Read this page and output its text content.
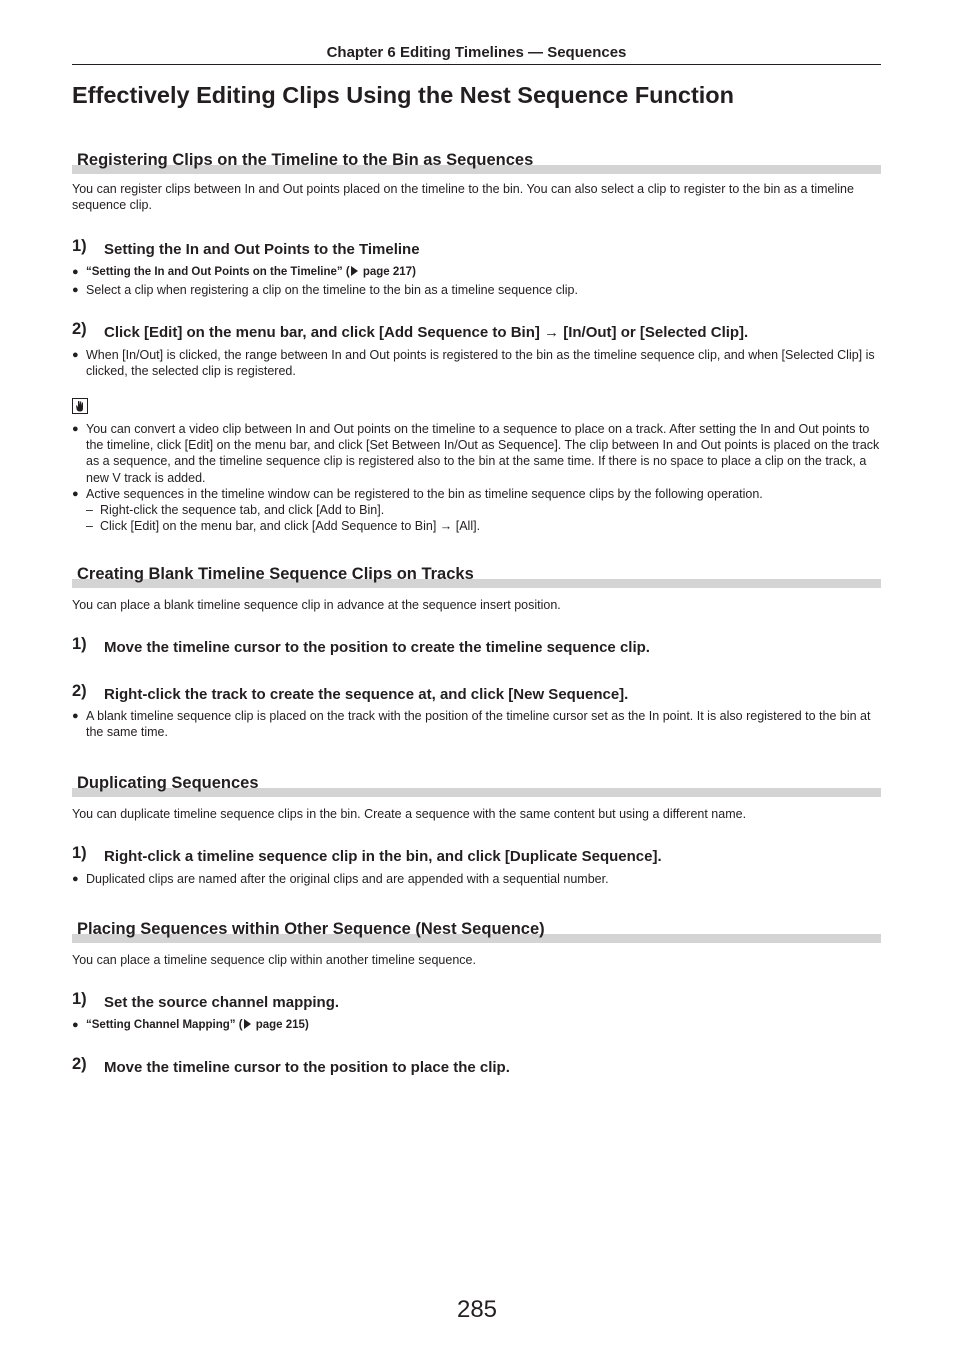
Chapter 6 Editing Timelines — Sequences
Effectively Editing Clips Using the Nest Sequence Function
Registering Clips on the Timeline to the Bin as Sequences
You can register clips between In and Out points placed on the timeline to the bin. You can also select a clip to register to the bin as a timeline sequence clip.
1) Setting the In and Out Points to the Timeline
● “Setting the In and Out Points on the Timeline” ( page 217)
● Select a clip when registering a clip on the timeline to the bin as a timeline sequence clip.
2) Click [Edit] on the menu bar, and click [Add Sequence to Bin] → [In/Out] or [Selected Clip].
● When [In/Out] is clicked, the range between In and Out points is registered to the bin as the timeline sequence clip, and when [Selected Clip] is clicked, the selected clip is registered.
● You can convert a video clip between In and Out points on the timeline to a sequence to place on a track. After setting the In and Out points to the timeline, click [Edit] on the menu bar, and click [Set Between In/Out as Sequence]. The clip between In and Out points is placed on the track as a sequence, and the timeline sequence clip is registered also to the bin at the same time. If there is no space to place a clip on the track, a new V track is added.
● Active sequences in the timeline window can be registered to the bin as timeline sequence clips by the following operation.
– Right-click the sequence tab, and click [Add to Bin].
– Click [Edit] on the menu bar, and click [Add Sequence to Bin] → [All].
Creating Blank Timeline Sequence Clips on Tracks
You can place a blank timeline sequence clip in advance at the sequence insert position.
1) Move the timeline cursor to the position to create the timeline sequence clip.
2) Right-click the track to create the sequence at, and click [New Sequence].
● A blank timeline sequence clip is placed on the track with the position of the timeline cursor set as the In point. It is also registered to the bin at the same time.
Duplicating Sequences
You can duplicate timeline sequence clips in the bin. Create a sequence with the same content but using a different name.
1) Right-click a timeline sequence clip in the bin, and click [Duplicate Sequence].
● Duplicated clips are named after the original clips and are appended with a sequential number.
Placing Sequences within Other Sequence (Nest Sequence)
You can place a timeline sequence clip within another timeline sequence.
1) Set the source channel mapping.
● “Setting Channel Mapping” ( page 215)
2) Move the timeline cursor to the position to place the clip.
285
